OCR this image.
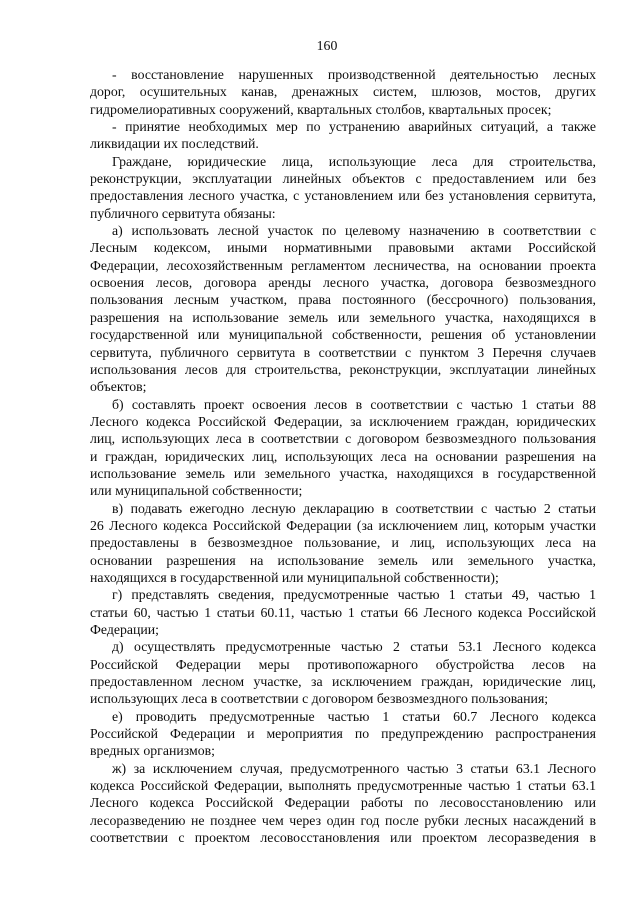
160
- восстановление нарушенных производственной деятельностью лесных
дорог, осушительных канав, дренажных систем, шлюзов, мостов, других
гидромелиоративных сооружений, квартальных столбов, квартальных просек;
- принятие необходимых мер по устранению аварийных ситуаций, а также
ликвидации их последствий.
Граждане, юридические лица, использующие леса для строительства,
реконструкции, эксплуатации линейных объектов с предоставлением или без
предоставления лесного участка, с установлением или без установления сервитута,
публичного сервитута обязаны:
а) использовать лесной участок по целевому назначению в соответствии с
Лесным кодексом, иными нормативными правовыми актами Российской
Федерации, лесохозяйственным регламентом лесничества, на основании проекта
освоения лесов, договора аренды лесного участка, договора безвозмездного
пользования лесным участком, права постоянного (бессрочного) пользования,
разрешения на использование земель или земельного участка, находящихся в
государственной или муниципальной собственности, решения об установлении
сервитута, публичного сервитута в соответствии с пунктом 3 Перечня случаев
использования лесов для строительства, реконструкции, эксплуатации линейных
объектов;
б) составлять проект освоения лесов в соответствии с частью 1 статьи 88
Лесного кодекса Российской Федерации, за исключением граждан, юридических
лиц, использующих леса в соответствии с договором безвозмездного пользования
и граждан, юридических лиц, использующих леса на основании разрешения на
использование земель или земельного участка, находящихся в государственной
или муниципальной собственности;
в) подавать ежегодно лесную декларацию в соответствии с частью 2 статьи
26 Лесного кодекса Российской Федерации (за исключением лиц, которым участки
предоставлены в безвозмездное пользование, и лиц, использующих леса на
основании разрешения на использование земель или земельного участка,
находящихся в государственной или муниципальной собственности);
г) представлять сведения, предусмотренные частью 1 статьи 49, частью 1
статьи 60, частью 1 статьи 60.11, частью 1 статьи 66 Лесного кодекса Российской
Федерации;
д) осуществлять предусмотренные частью 2 статьи 53.1 Лесного кодекса
Российской Федерации меры противопожарного обустройства лесов на
предоставленном лесном участке, за исключением граждан, юридические лиц,
использующих леса в соответствии с договором безвозмездного пользования;
е) проводить предусмотренные частью 1 статьи 60.7 Лесного кодекса
Российской Федерации и мероприятия по предупреждению распространения
вредных организмов;
ж) за исключением случая, предусмотренного частью 3 статьи 63.1 Лесного
кодекса Российской Федерации, выполнять предусмотренные частью 1 статьи 63.1
Лесного кодекса Российской Федерации работы по лесовосстановлению или
лесоразведению не позднее чем через один год после рубки лесных насаждений в
соответствии с проектом лесовосстановления или проектом лесоразведения в
